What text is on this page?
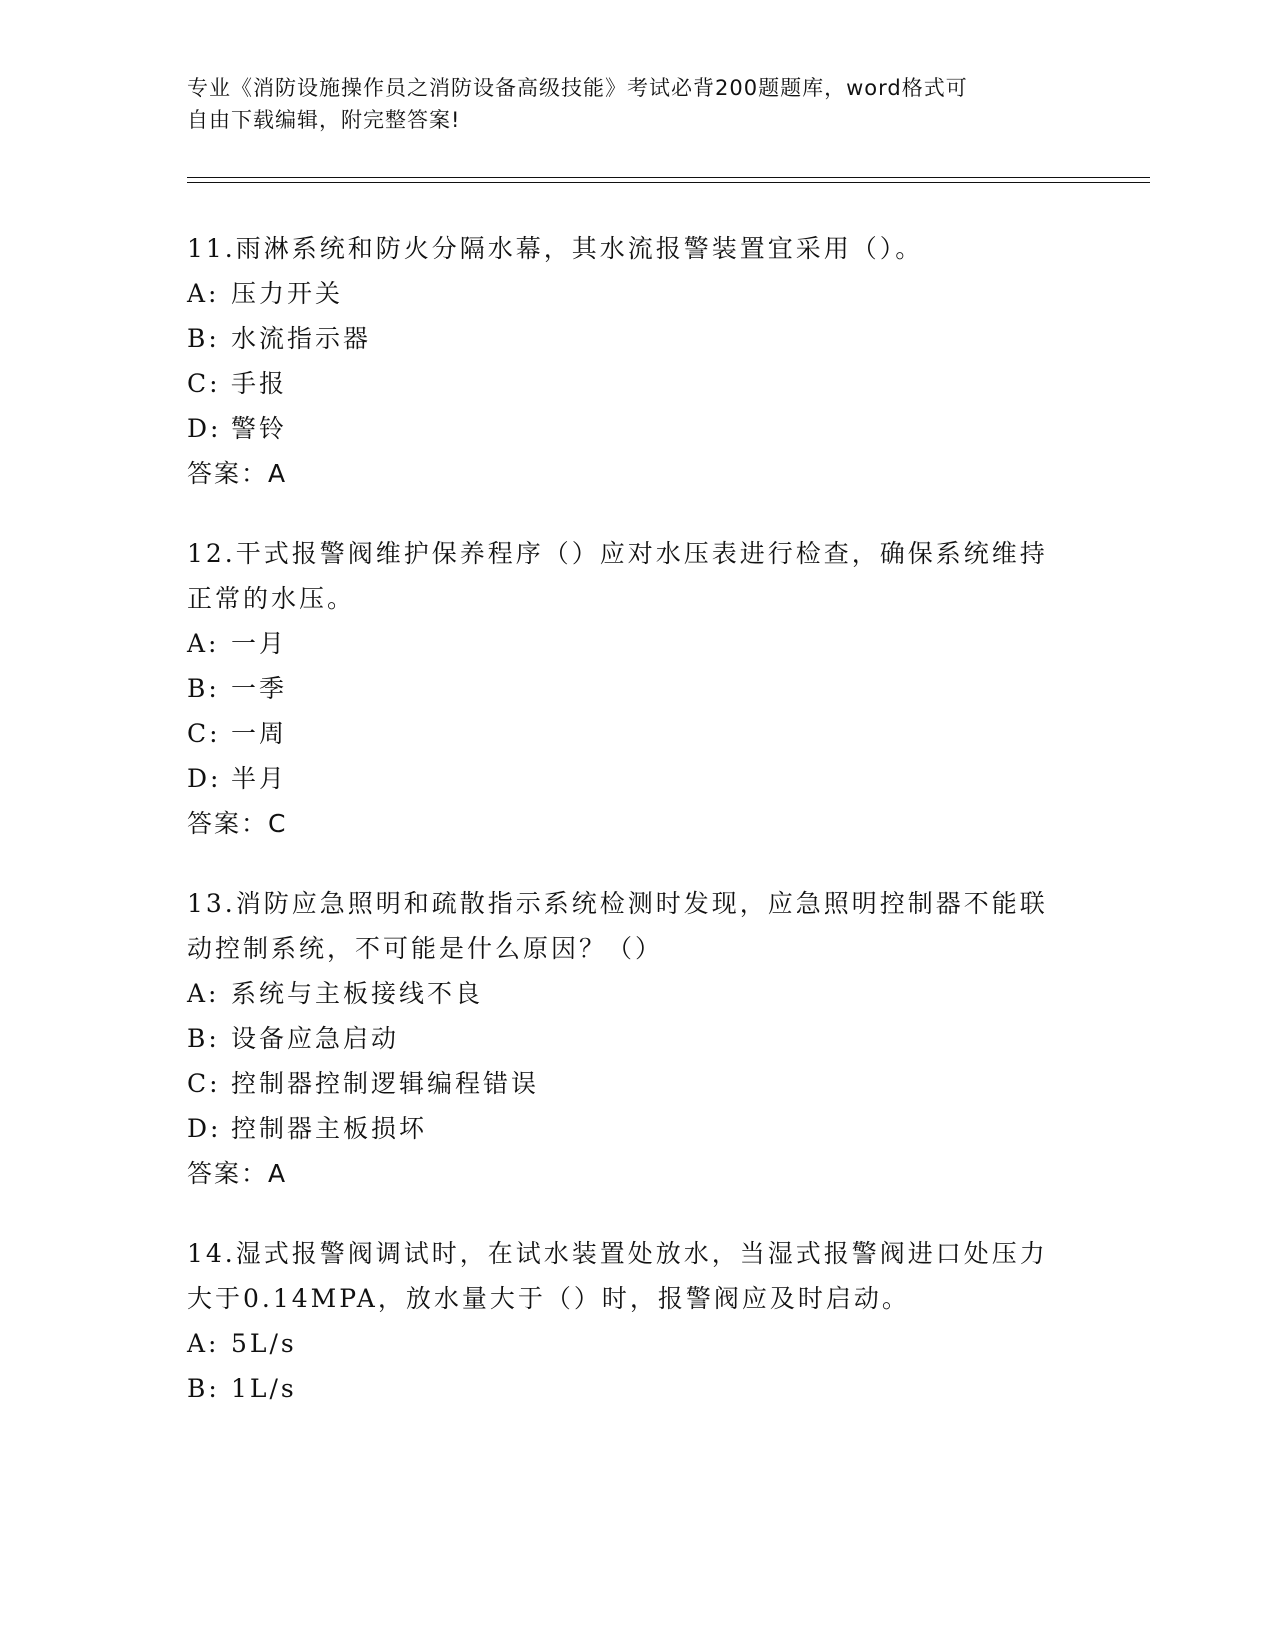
专业《消防设施操作员之消防设备高级技能》考试必背200题题库，word格式可
自由下载编辑，附完整答案!

11.雨淋系统和防火分隔水幕，其水流报警装置宜采用（）。

A: 压力开关

B: 水流指示器

C: 手报

D: 警铃

答案：A

12.干式报警阀维护保养程序（）应对水压表进行检查，确保系统维持

正常的水压。

A: 一月

B: 一季

C: 一周

D: 半月

答案：C

13.消防应急照明和疏散指示系统检测时发现，应急照明控制器不能联

动控制系统，不可能是什么原因？（）

A: 系统与主板接线不良

B: 设备应急启动

C: 控制器控制逻辑编程错误

D: 控制器主板损坏

答案：A

14.湿式报警阀调试时，在试水装置处放水，当湿式报警阀进口处压力

大于0.14MPA，放水量大于（）时，报警阀应及时启动。

A: 5L/s

B: 1L/s
